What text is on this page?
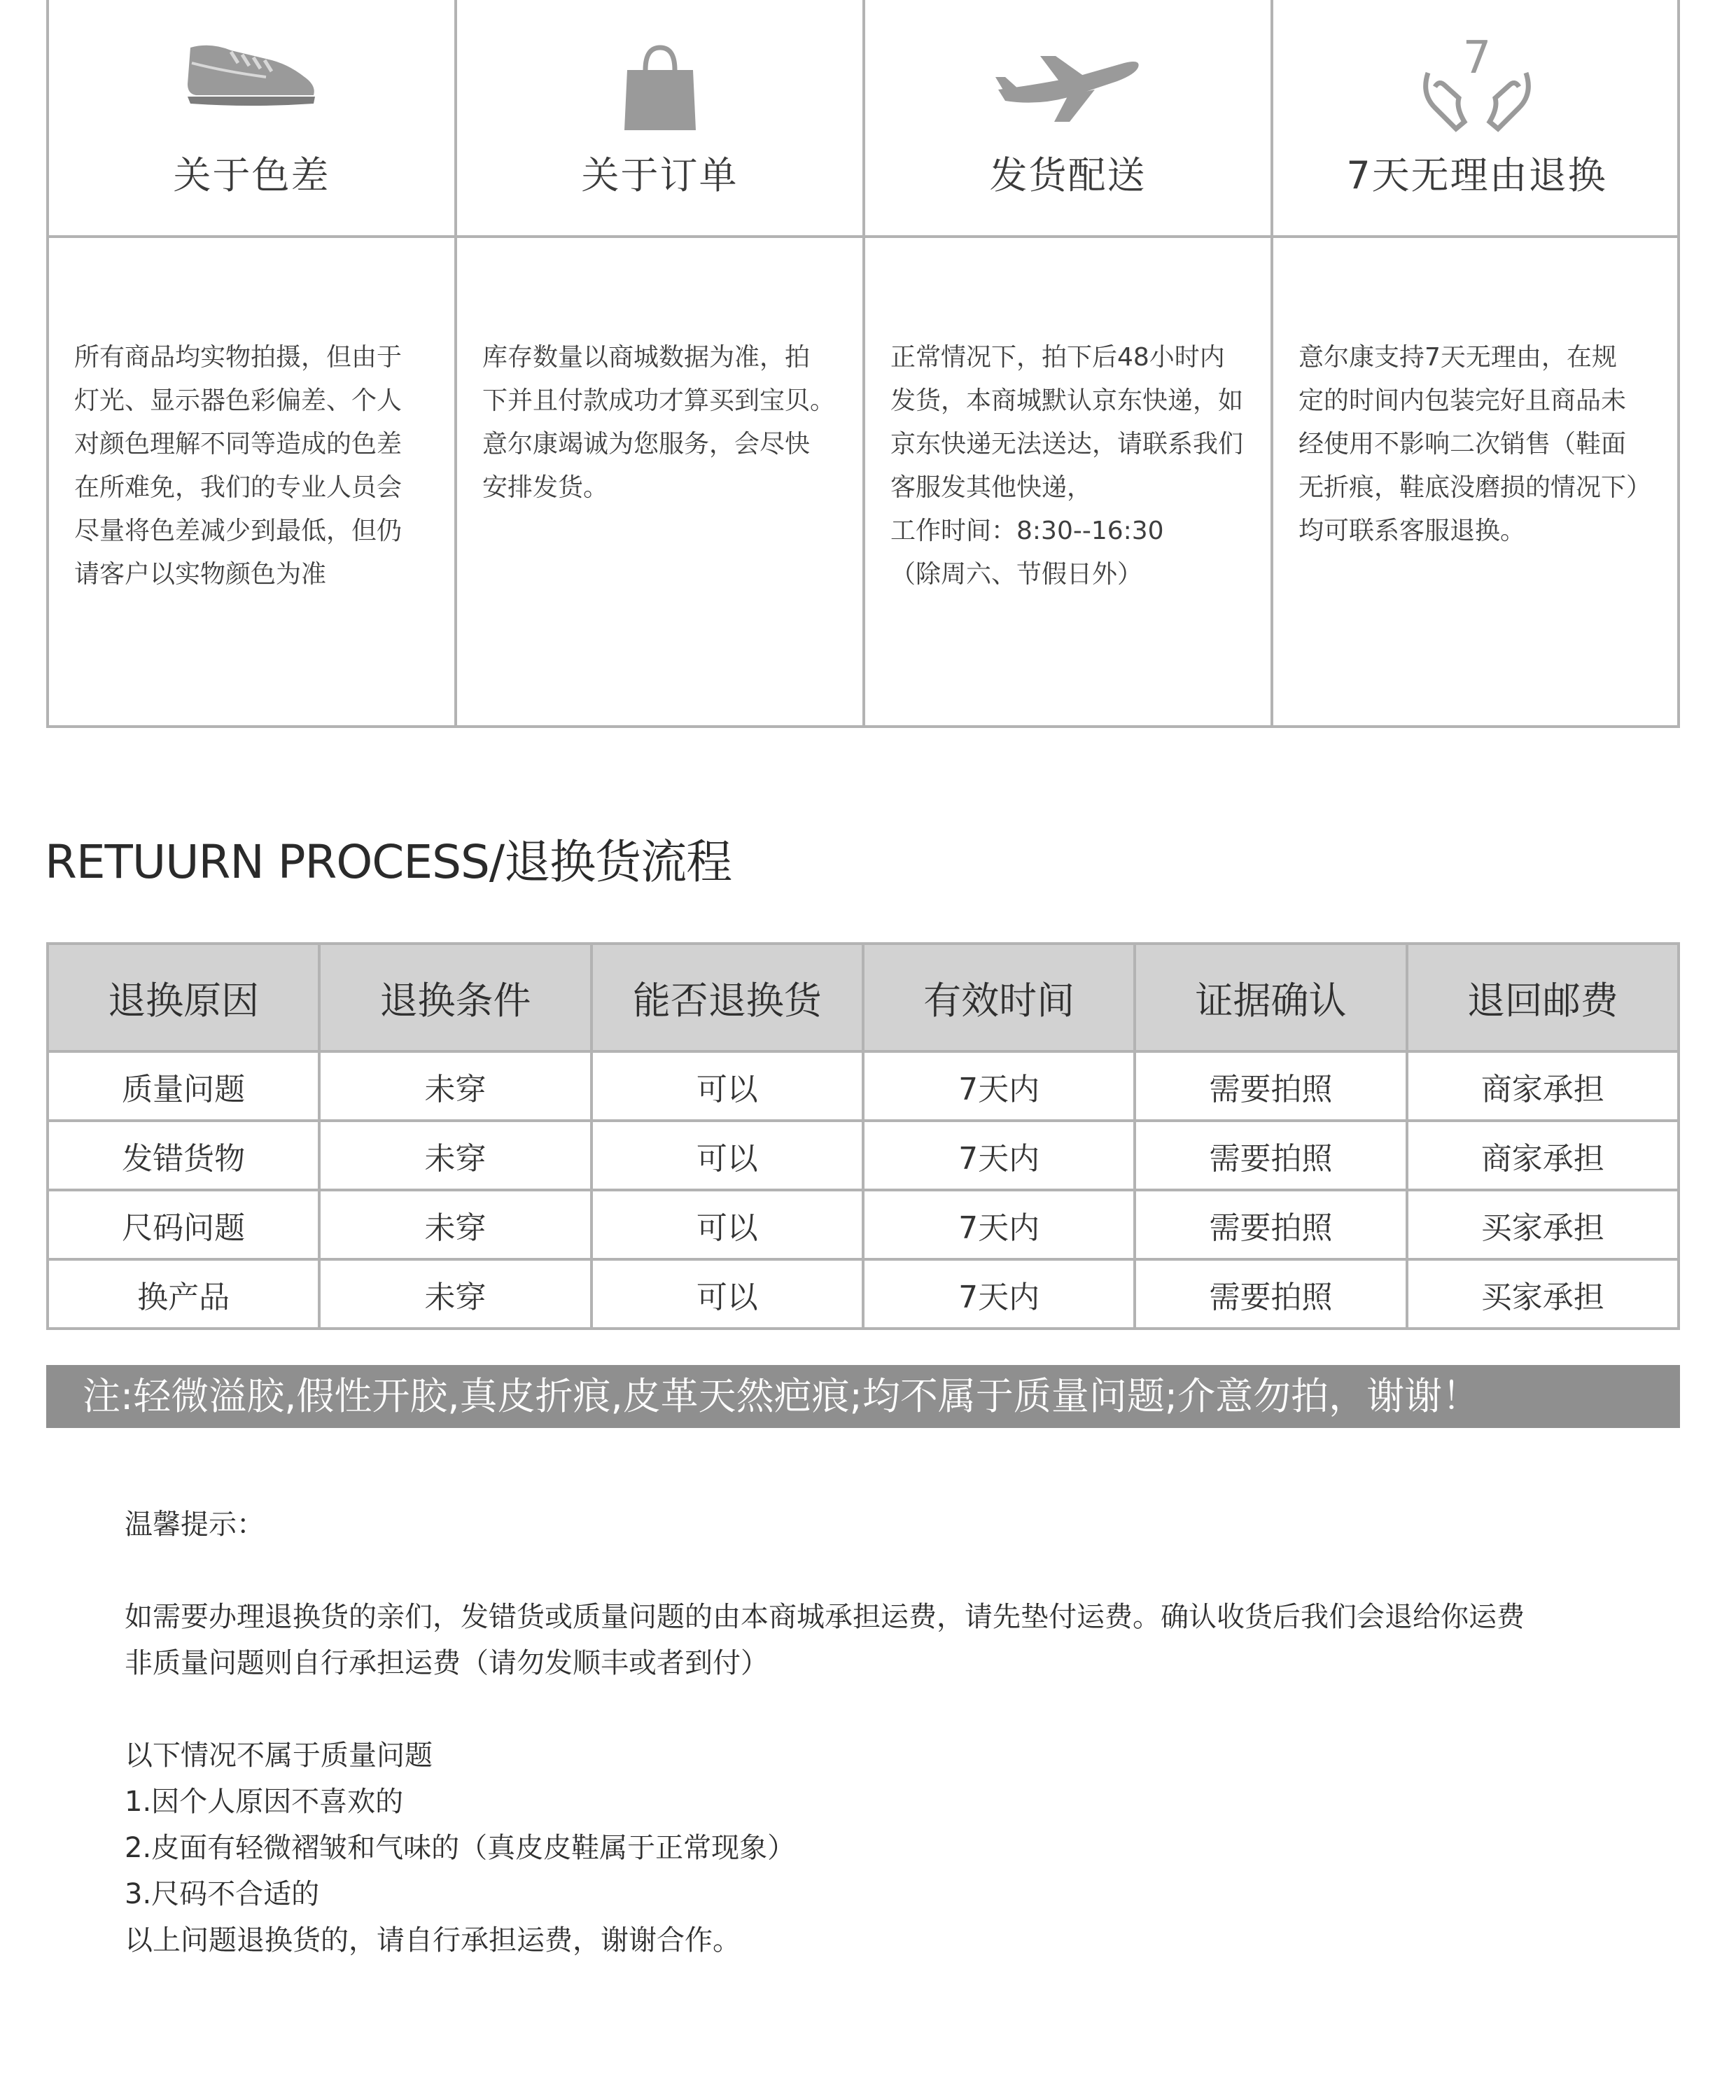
关于色差

所有商品均实物拍摄，但由于

灯光、显示器色彩偏差、个人

对颜色理解不同等造成的色差

在所难免，我们的专业人员会

尽量将色差减少到最低，但仍

请客户以实物颜色为准

关于订单

库存数量以商城数据为准，拍

下并且付款成功才算买到宝贝。

意尔康竭诚为您服务，会尽快

安排发货。

发货配送

正常情况下，拍下后48小时内

发货，本商城默认京东快递，如

京东快递无法送达，请联系我们

客服发其他快递，

工作时间：8:30--16:30

（除周六、节假日外）

7
7天无理由退换

意尔康支持7天无理由，在规

定的时间内包装完好且商品未

经使用不影响二次销售（鞋面

无折痕，鞋底没磨损的情况下）

均可联系客服退换。

RETUURN PROCESS/退换货流程
退换原因	退换条件	能否退换货	有效时间	证据确认	退回邮费
质量问题	未穿	可以	7天内	需要拍照	商家承担
发错货物	未穿	可以	7天内	需要拍照	商家承担
尺码问题	未穿	可以	7天内	需要拍照	买家承担
换产品	未穿	可以	7天内	需要拍照	买家承担
注:轻微溢胶,假性开胶,真皮折痕,皮革天然疤痕;均不属于质量问题;介意勿拍，谢谢！

温馨提示：

如需要办理退换货的亲们，发错货或质量问题的由本商城承担运费，请先垫付运费。确认收货后我们会退给你运费

非质量问题则自行承担运费（请勿发顺丰或者到付）

以下情况不属于质量问题

1.因个人原因不喜欢的

2.皮面有轻微褶皱和气味的（真皮皮鞋属于正常现象）

3.尺码不合适的

以上问题退换货的，请自行承担运费，谢谢合作。
